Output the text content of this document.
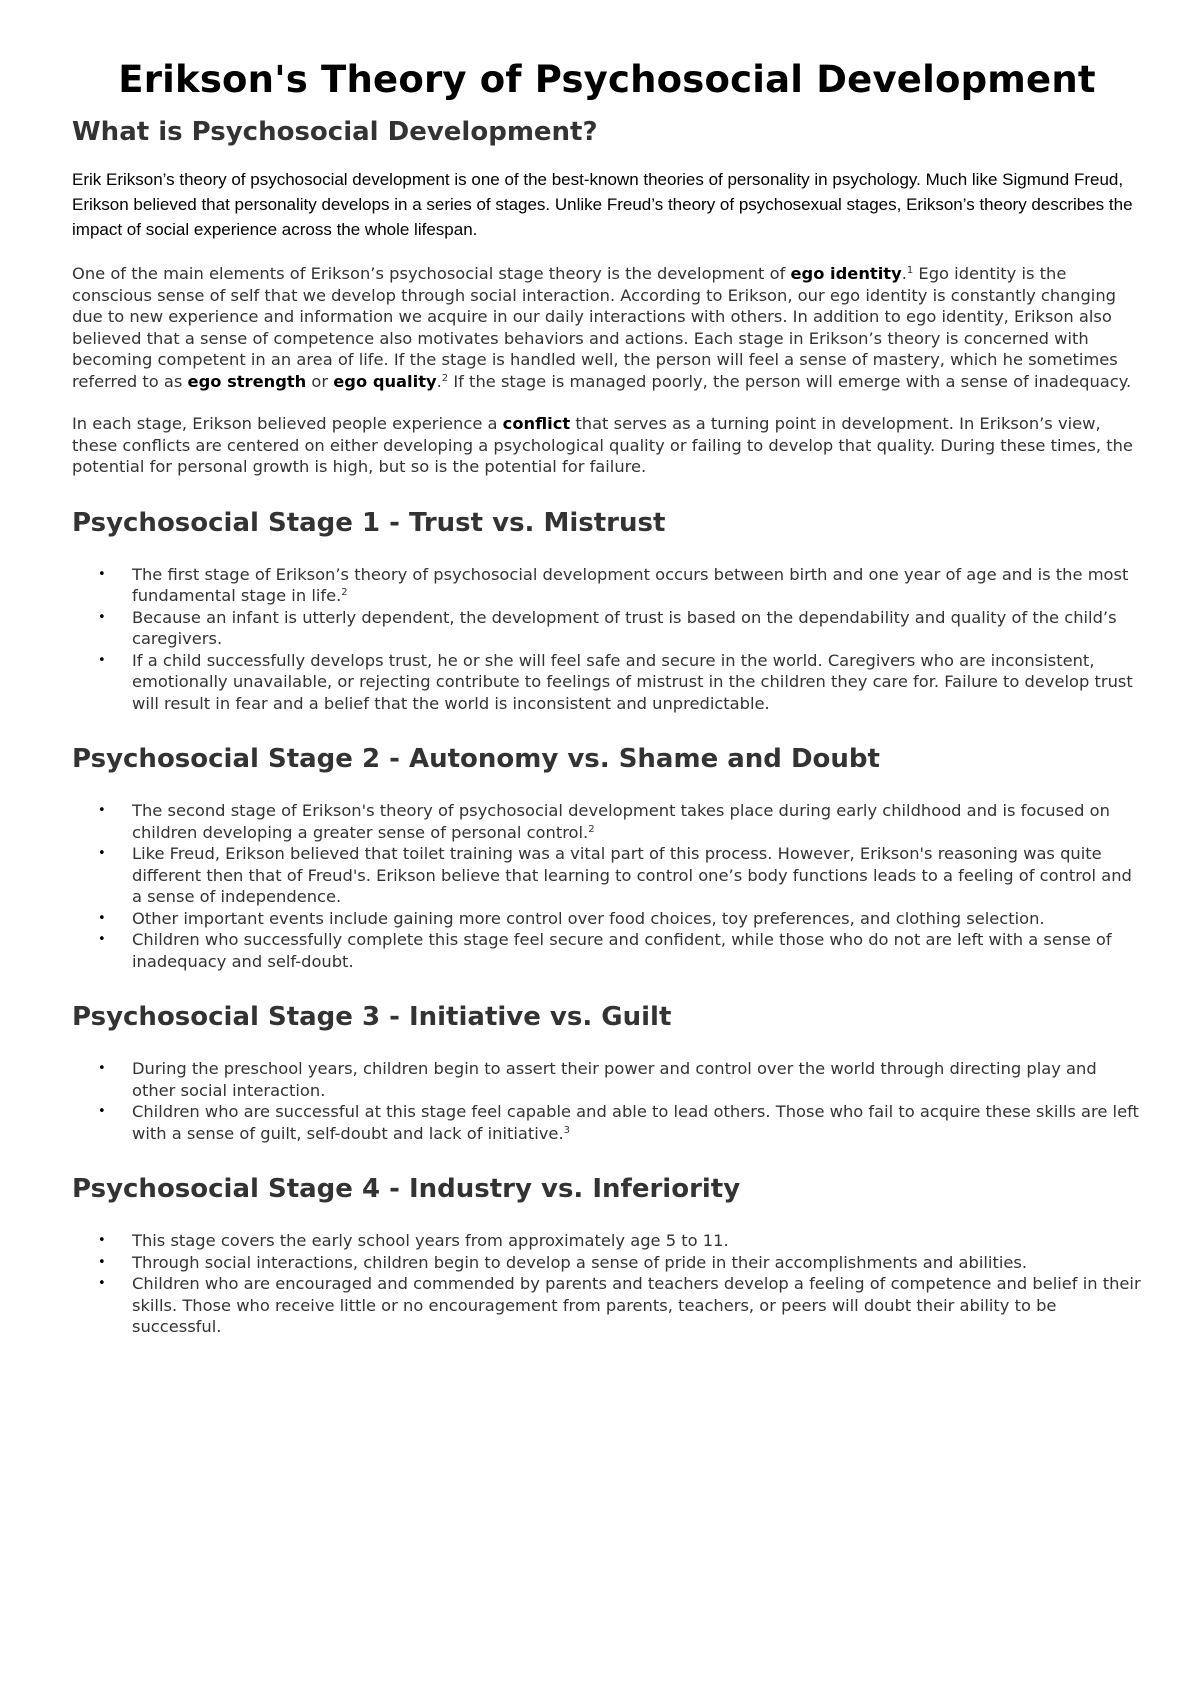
Erikson's Theory of Psychosocial Development
What is Psychosocial Development?

Erik Erikson’s theory of psychosocial development is one of the best-known theories of personality in psychology. Much like Sigmund Freud, Erikson believed that personality develops in a series of stages. Unlike Freud’s theory of psychosexual stages, Erikson’s theory describes the impact of social experience across the whole lifespan.

One of the main elements of Erikson’s psychosocial stage theory is the development of ego identity.$^1$ Ego identity is the conscious sense of self that we develop through social interaction. According to Erikson, our ego identity is constantly changing due to new experience and information we acquire in our daily interactions with others. In addition to ego identity, Erikson also believed that a sense of competence also motivates behaviors and actions. Each stage in Erikson’s theory is concerned with becoming competent in an area of life. If the stage is handled well, the person will feel a sense of mastery, which he sometimes referred to as ego strength or ego quality.$^2$ If the stage is managed poorly, the person will emerge with a sense of inadequacy.

In each stage, Erikson believed people experience a conflict that serves as a turning point in development. In Erikson’s view, these conflicts are centered on either developing a psychological quality or failing to develop that quality. During these times, the potential for personal growth is high, but so is the potential for failure.

Psychosocial Stage 1 - Trust vs. Mistrust
• The first stage of Erikson’s theory of psychosocial development occurs between birth and one year of age and is the most fundamental stage in life.$^2$
• Because an infant is utterly dependent, the development of trust is based on the dependability and quality of the child’s caregivers.
• If a child successfully develops trust, he or she will feel safe and secure in the world. Caregivers who are inconsistent, emotionally unavailable, or rejecting contribute to feelings of mistrust in the children they care for. Failure to develop trust will result in fear and a belief that the world is inconsistent and unpredictable.
Psychosocial Stage 2 - Autonomy vs. Shame and Doubt
• The second stage of Erikson's theory of psychosocial development takes place during early childhood and is focused on children developing a greater sense of personal control.$^2$
• Like Freud, Erikson believed that toilet training was a vital part of this process. However, Erikson's reasoning was quite different then that of Freud's. Erikson believe that learning to control one’s body functions leads to a feeling of control and a sense of independence.
• Other important events include gaining more control over food choices, toy preferences, and clothing selection.
• Children who successfully complete this stage feel secure and confident, while those who do not are left with a sense of inadequacy and self-doubt.
Psychosocial Stage 3 - Initiative vs. Guilt
• During the preschool years, children begin to assert their power and control over the world through directing play and other social interaction.
• Children who are successful at this stage feel capable and able to lead others. Those who fail to acquire these skills are left with a sense of guilt, self-doubt and lack of initiative.$^3$
Psychosocial Stage 4 - Industry vs. Inferiority
• This stage covers the early school years from approximately age 5 to 11.
• Through social interactions, children begin to develop a sense of pride in their accomplishments and abilities.
• Children who are encouraged and commended by parents and teachers develop a feeling of competence and belief in their skills. Those who receive little or no encouragement from parents, teachers, or peers will doubt their ability to be successful.
